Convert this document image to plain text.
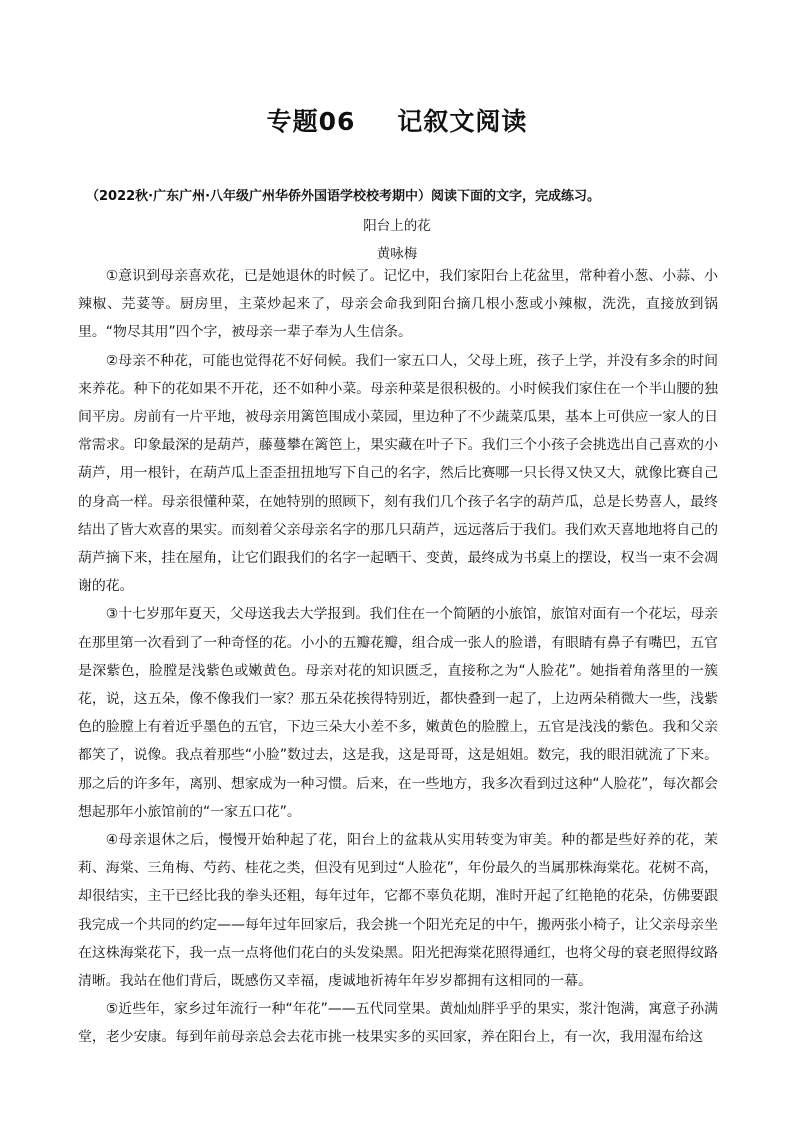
专题06 记叙文阅读
（2022秋·广东广州·八年级广州华侨外国语学校校考期中）阅读下面的文字，完成练习。
阳台上的花
黄咏梅

①意识到母亲喜欢花，已是她退休的时候了。记忆中，我们家阳台上花盆里，常种着小葱、小蒜、小辣椒、芫荽等。厨房里，主菜炒起来了，母亲会命我到阳台摘几根小葱或小辣椒，洗洗，直接放到锅里。“物尽其用”四个字，被母亲一辈子奉为人生信条。

②母亲不种花，可能也觉得花不好伺候。我们一家五口人，父母上班，孩子上学，并没有多余的时间来养花。种下的花如果不开花，还不如种小菜。母亲种菜是很积极的。小时候我们家住在一个半山腰的独间平房。房前有一片平地，被母亲用篱笆围成小菜园，里边种了不少蔬菜瓜果，基本上可供应一家人的日常需求。印象最深的是葫芦，藤蔓攀在篱笆上，果实藏在叶子下。我们三个小孩子会挑选出自己喜欢的小葫芦，用一根针，在葫芦瓜上歪歪扭扭地写下自己的名字，然后比赛哪一只长得又快又大，就像比赛自己的身高一样。母亲很懂种菜，在她特别的照顾下，刻有我们几个孩子名字的葫芦瓜，总是长势喜人，最终结出了皆大欢喜的果实。而刻着父亲母亲名字的那几只葫芦，远远落后于我们。我们欢天喜地地将自己的葫芦摘下来，挂在屋角，让它们跟我们的名字一起晒干、变黄，最终成为书桌上的摆设，权当一束不会凋谢的花。

③十七岁那年夏天，父母送我去大学报到。我们住在一个简陋的小旅馆，旅馆对面有一个花坛，母亲在那里第一次看到了一种奇怪的花。小小的五瓣花瓣，组合成一张人的脸谱，有眼睛有鼻子有嘴巴，五官是深紫色，脸膛是浅紫色或嫩黄色。母亲对花的知识匮乏，直接称之为“人脸花”。她指着角落里的一簇花，说，这五朵，像不像我们一家？那五朵花挨得特别近，都快叠到一起了，上边两朵稍微大一些，浅紫色的脸膛上有着近乎墨色的五官，下边三朵大小差不多，嫩黄色的脸膛上，五官是浅浅的紫色。我和父亲都笑了，说像。我点着那些“小脸”数过去，这是我，这是哥哥，这是姐姐。数完，我的眼泪就流了下来。那之后的许多年，离别、想家成为一种习惯。后来，在一些地方，我多次看到过这种“人脸花”，每次都会想起那年小旅馆前的“一家五口花”。

④母亲退休之后，慢慢开始种起了花，阳台上的盆栽从实用转变为审美。种的都是些好养的花，茉莉、海棠、三角梅、芍药、桂花之类，但没有见到过“人脸花”，年份最久的当属那株海棠花。花树不高，却很结实，主干已经比我的拳头还粗，每年过年，它都不辜负花期，准时开起了红艳艳的花朵，仿佛要跟我完成一个共同的约定——每年过年回家后，我会挑一个阳光充足的中午，搬两张小椅子，让父亲母亲坐在这株海棠花下，我一点一点将他们花白的头发染黑。阳光把海棠花照得通红，也将父母的衰老照得纹路清晰。我站在他们背后，既感伤又幸福，虔诚地祈祷年年岁岁都拥有这相同的一幕。

⑤近些年，家乡过年流行一种“年花”——五代同堂果。黄灿灿胖乎乎的果实，浆汁饱满，寓意子孙满堂，老少安康。每到年前母亲总会去花市挑一枝果实多的买回家，养在阳台上，有一次，我用湿布给这
